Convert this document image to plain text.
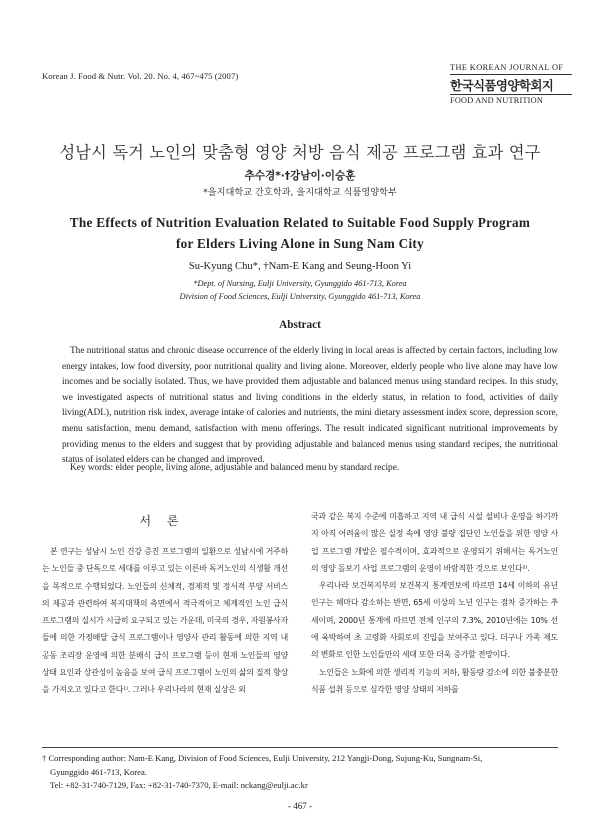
Korean J. Food & Nutr. Vol. 20. No. 4, 467~475 (2007)
THE KOREAN JOURNAL OF
한국식품영양학회지
FOOD AND NUTRITION
성남시 독거 노인의 맞춤형 영양 처방 음식 제공 프로그램 효과 연구
추수경*·†강남이·이승훈
*을지대학교 간호학과, 을지대학교 식품영양학부
The Effects of Nutrition Evaluation Related to Suitable Food Supply Program
for Elders Living Alone in Sung Nam City
Su-Kyung Chu*, †Nam-E Kang and Seung-Hoon Yi
*Dept. of Nursing, Eulji University, Gyunggido 461-713, Korea
Division of Food Sciences, Eulji University, Gyunggido 461-713, Korea
Abstract
The nutritional status and chronic disease occurrence of the elderly living in local areas is affected by certain factors, including low energy intakes, low food diversity, poor nutritional quality and living alone. Moreover, elderly people who live alone may have low incomes and be socially isolated. Thus, we have provided them adjustable and balanced menus using standard recipes. In this study, we investigated aspects of nutritional status and living conditions in the elderly status, in relation to food, activities of daily living(ADL), nutrition risk index, average intake of calories and nutrients, the mini dietary assessment index score, depression score, menu satisfaction, menu demand, satisfaction with menu offerings. The result indicated significant nutritional improvements by providing menus to the elders and suggest that by providing adjustable and balanced menus using standard recipes, the nutritional status of isolated elders can be changed and improved.
Key words: elder people, living alone, adjustable and balanced menu by standard recipe.
서 론

본 연구는 성남시 노인 건강 증진 프로그램의 일환으로 성남시에 거주하는 노인들 중 단독으로 세대를 이루고 있는 이른바 독거노인의 식생활 개선을 목적으로 수행되었다. 노인들의 신체적, 경제적 및 정서적 부양 서비스의 제공과 관련하여 복지대책의 측면에서 적극적이고 체계적인 노인 급식 프로그램의 실시가 시급히 요구되고 있는 가운데, 미국의 경우, 자원봉사자들에 의한 가정배달 급식 프로그램이나 영양사 관리 활동에 의한 지역 내 공동 조리장 운영에 의한 분배식 급식 프로그램 등이 현재 노인들의 영양 상태 요인과 상관성이 높음을 보여 급식 프로그램이 노인의 삶의 질적 향상을 가져오고 있다고 한다¹⁾. 그러나 우리나라의 현재 실상은 외

국과 같은 복지 수준에 미흡하고 지역 내 급식 시설 설비나 운영을 하기까지 아직 어려움이 많은 실정 속에 영양 불량 집단인 노인들을 위한 영양 사업 프로그램 개발은 필수적이며, 효과적으로 운영되기 위해서는 독거노인의 영양 돌보기 사업 프로그램의 운영이 바람직한 것으로 보인다²⁾.

우리나라 보건복지부의 보건복지 통계연보에 따르면 14세 이하의 유년 인구는 해마다 감소하는 반면, 65세 이상의 노년 인구는 점차 증가하는 추세이며, 2000년 통계에 따르면 전체 인구의 7.3%, 2010년에는 10% 선에 육박하여 초 고령화 사회로의 진입을 보여주고 있다. 더구나 가족 제도의 변화로 인한 노인들만의 세대 또한 더욱 증가할 전망이다.

노인들은 노화에 의한 생리적 기능의 저하, 활동량 감소에 의한 불충분한 식품 섭취 등으로 심각한 영양 상태의 저하를

† Corresponding author: Nam-E Kang, Division of Food Sciences, Eulji University, 212 Yangji-Dong, Sujung-Ku, Sungnam-Si,
Gyunggido 461-713, Korea.
Tel: +82-31-740-7129, Fax: +82-31-740-7370, E-mail: nckang@eulji.ac.kr
- 467 -
